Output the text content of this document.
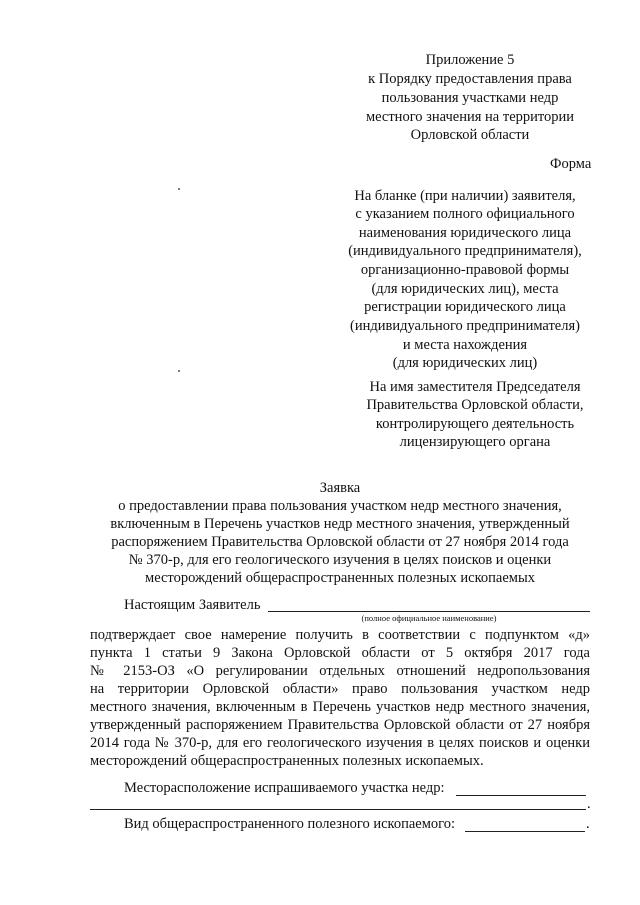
Приложение 5
к Порядку предоставления права
пользования участками недр
местного значения на территории
Орловской области
Форма
На бланке (при наличии) заявителя,
с указанием полного официального
наименования юридического лица
(индивидуального предпринимателя),
организационно-правовой формы
(для юридических лиц), места
регистрации юридического лица
(индивидуального предпринимателя)
и места нахождения
(для юридических лиц)
На имя заместителя Председателя
Правительства Орловской области,
контролирующего деятельность
лицензирующего органа
Заявка
о предоставлении права пользования участком недр местного значения,
включенным в Перечень участков недр местного значения, утвержденный
распоряжением Правительства Орловской области от 27 ноября 2014 года
№ 370-р, для его геологического изучения в целях поисков и оценки
месторождений общераспространенных полезных ископаемых
Настоящим Заявитель
(полное официальное наименование)
подтверждает свое намерение получить в соответствии с подпунктом «д»
пункта 1 статьи 9 Закона Орловской области от 5 октября 2017 года
№ 2153-ОЗ «О регулировании отдельных отношений недропользования
на территории Орловской области» право пользования участком недр
местного значения, включенным в Перечень участков недр местного значения,
утвержденный распоряжением Правительства Орловской области от 27 ноября
2014 года № 370-р, для его геологического изучения в целях поисков и оценки
месторождений общераспространенных полезных ископаемых.
Месторасположение испрашиваемого участка недр:
.
Вид общераспространенного полезного ископаемого:	.
